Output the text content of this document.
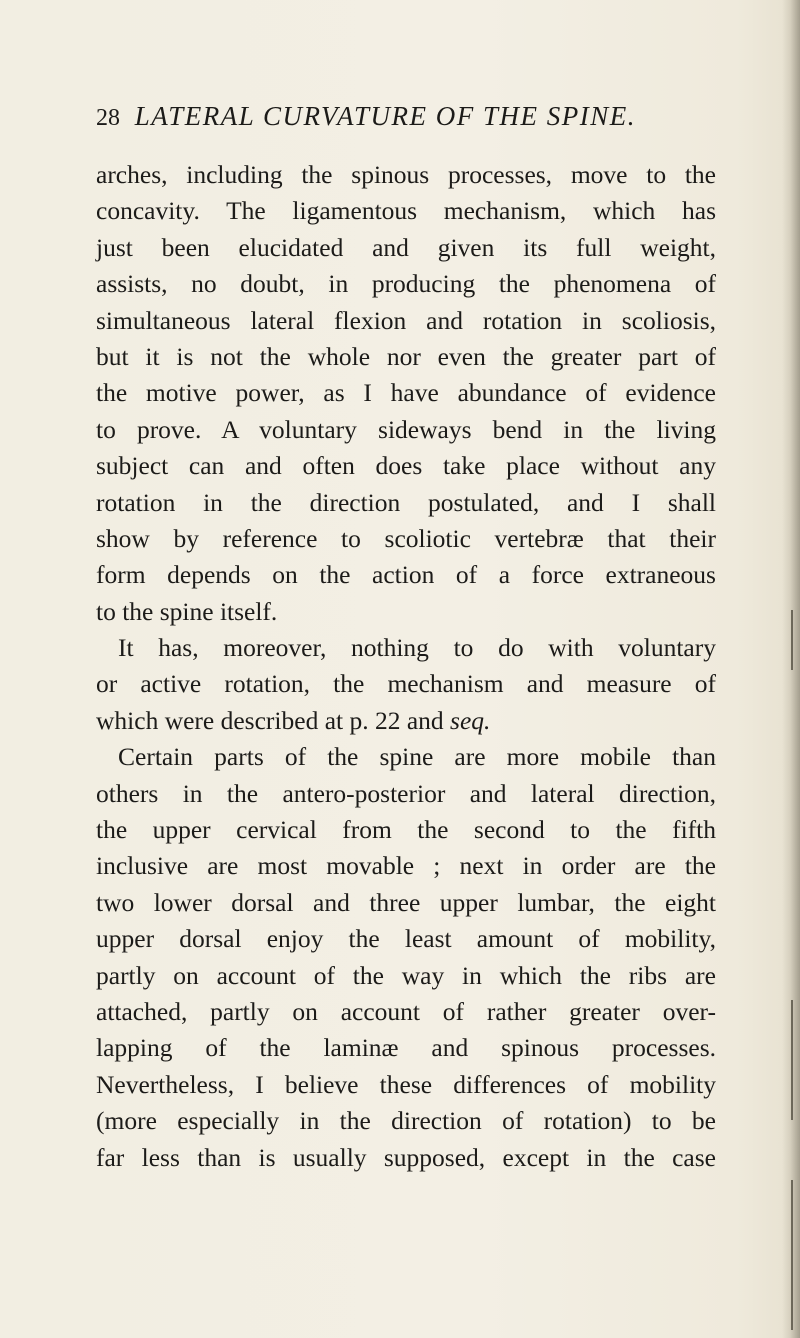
28 LATERAL CURVATURE OF THE SPINE.
arches, including the spinous processes, move to the
concavity. The ligamentous mechanism, which has
just been elucidated and given its full weight,
assists, no doubt, in producing the phenomena of
simultaneous lateral flexion and rotation in scoliosis,
but it is not the whole nor even the greater part of
the motive power, as I have abundance of evidence
to prove. A voluntary sideways bend in the living
subject can and often does take place without any
rotation in the direction postulated, and I shall
show by reference to scoliotic vertebræ that their
form depends on the action of a force extraneous
to the spine itself.
It has, moreover, nothing to do with voluntary
or active rotation, the mechanism and measure of
which were described at p. 22 and seq.
Certain parts of the spine are more mobile than
others in the antero-posterior and lateral direction,
the upper cervical from the second to the fifth
inclusive are most movable ; next in order are the
two lower dorsal and three upper lumbar, the eight
upper dorsal enjoy the least amount of mobility,
partly on account of the way in which the ribs are
attached, partly on account of rather greater over-
lapping of the laminæ and spinous processes.
Nevertheless, I believe these differences of mobility
(more especially in the direction of rotation) to be
far less than is usually supposed, except in the case
